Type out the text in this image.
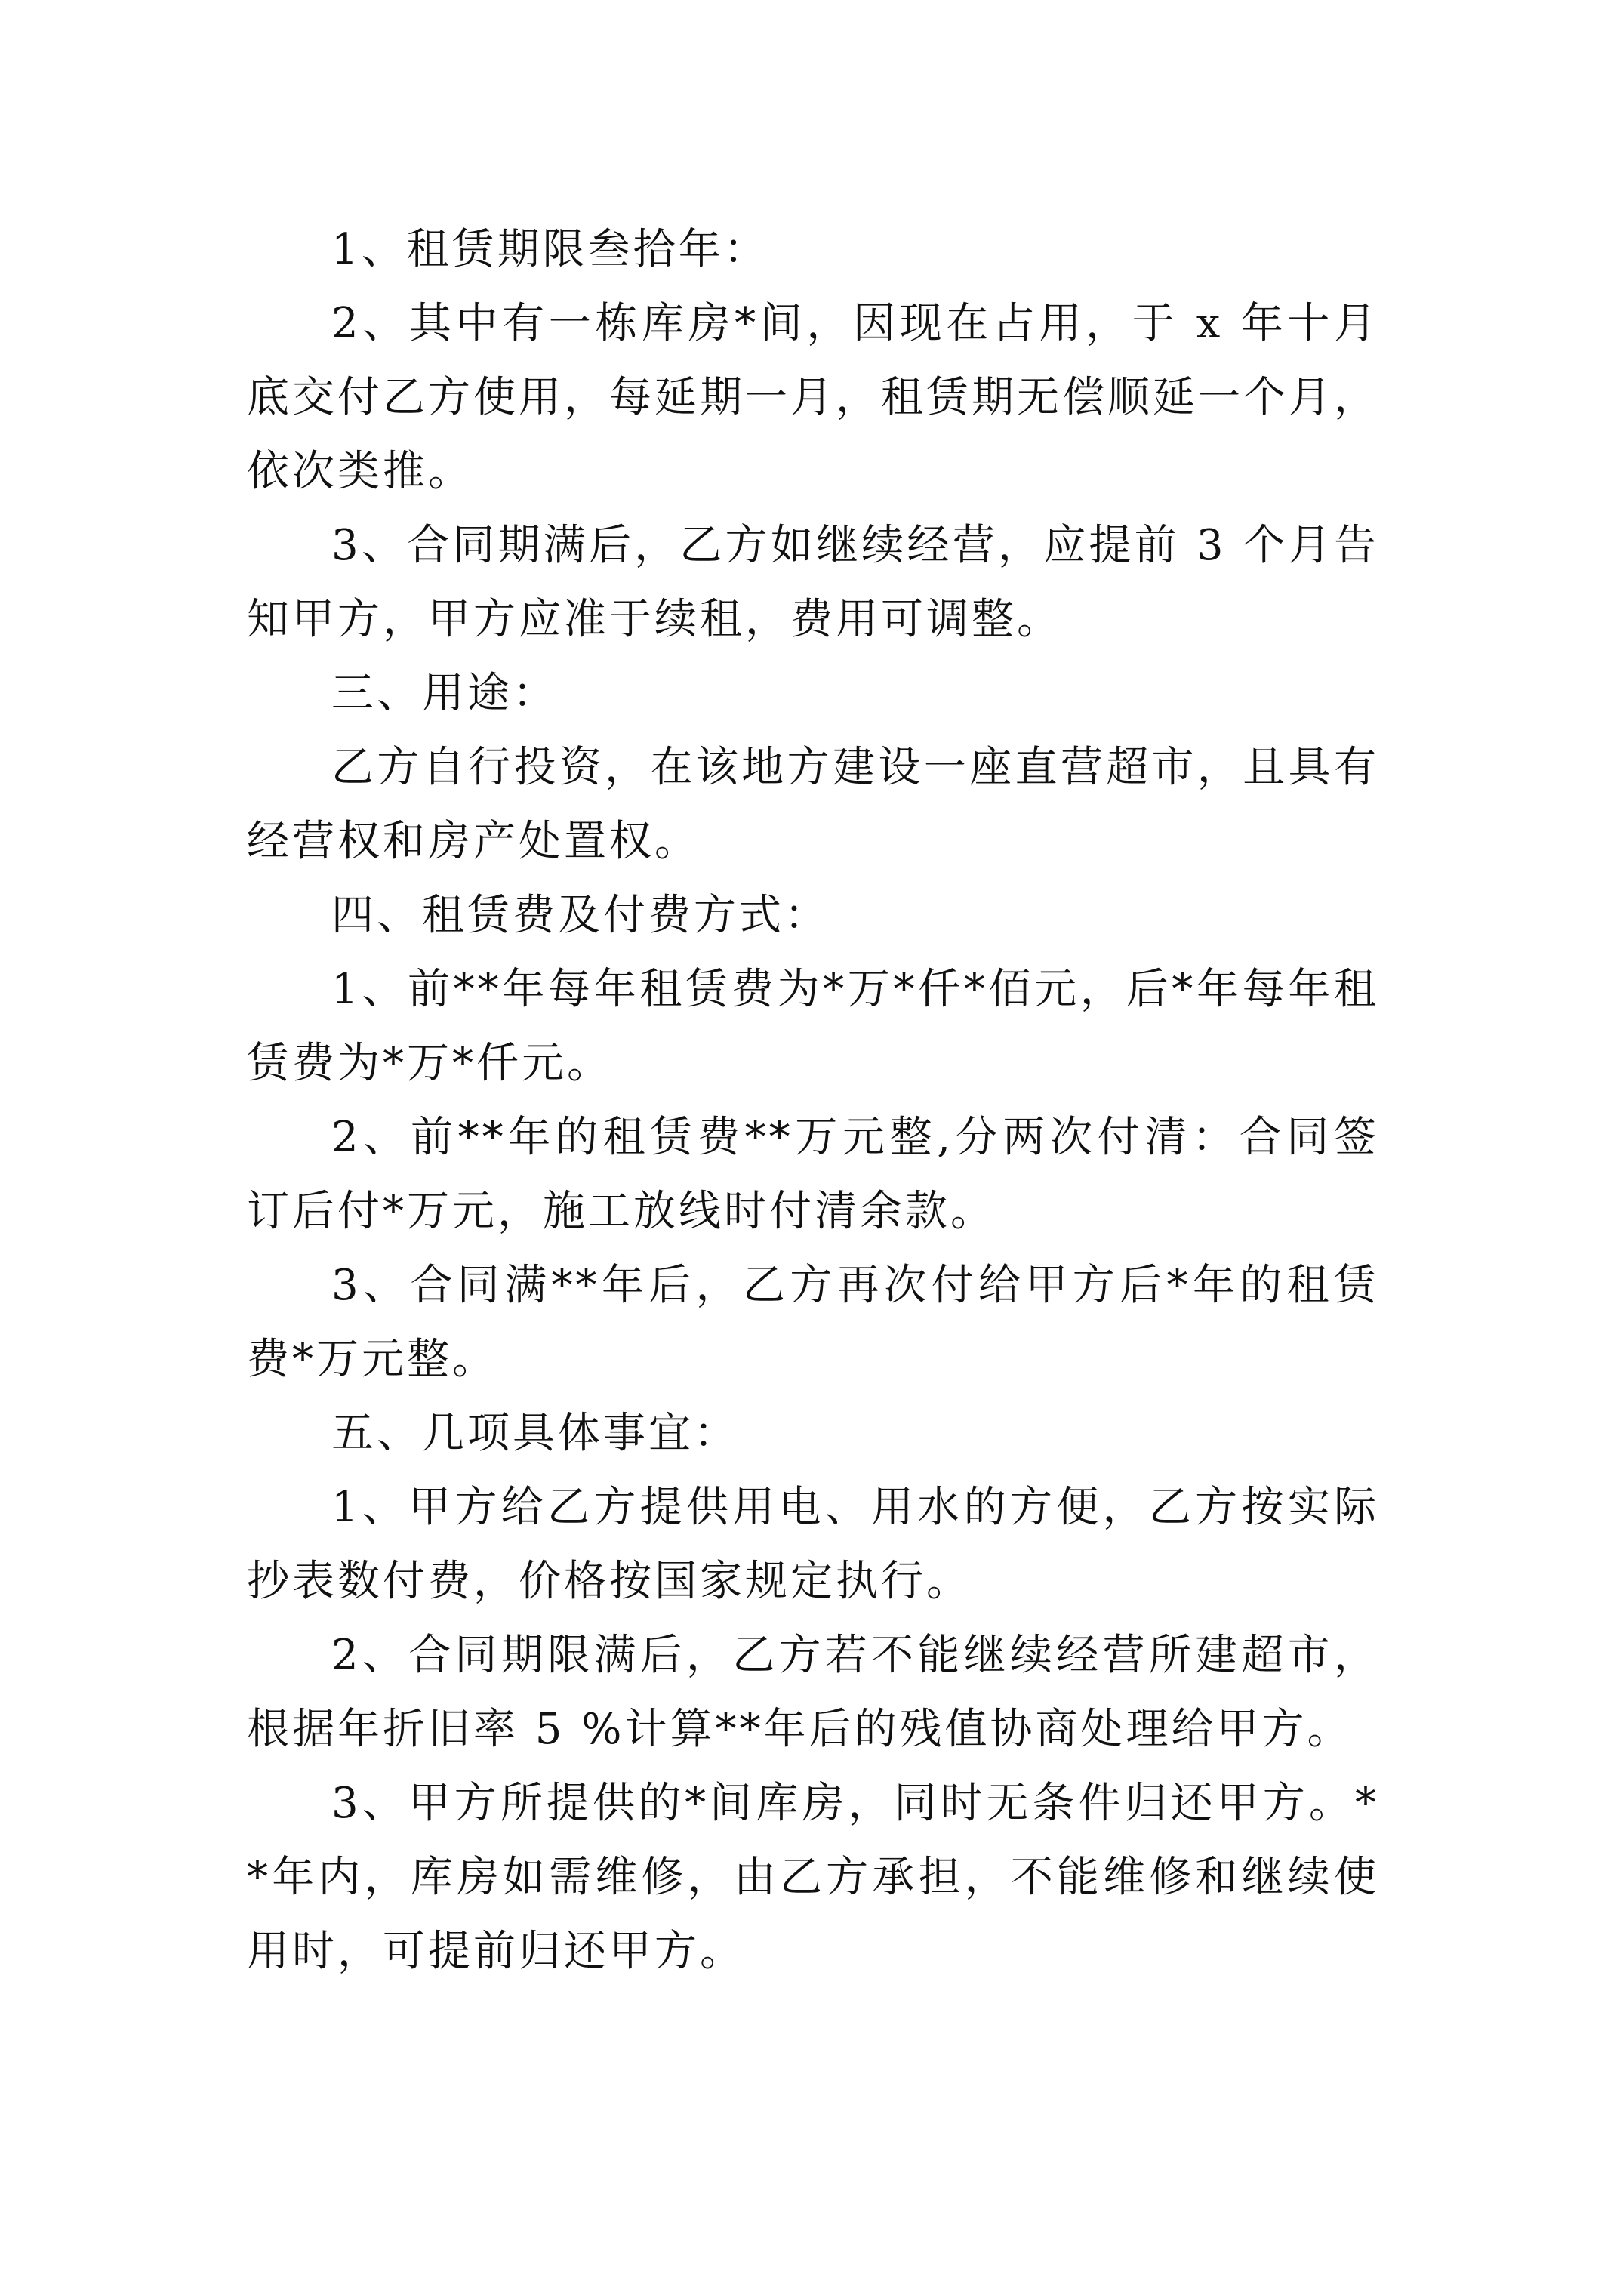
1、租赁期限叁拾年：

2、其中有一栋库房*间，因现在占用，于 x 年十月底交付乙方使用，每延期一月，租赁期无偿顺延一个月，依次类推。

3、合同期满后，乙方如继续经营，应提前 3 个月告知甲方，甲方应准于续租，费用可调整。

三、用途：

乙方自行投资，在该地方建设一座直营超市，且具有经营权和房产处置权。

四、租赁费及付费方式：

1、前**年每年租赁费为*万*仟*佰元，后*年每年租赁费为*万*仟元。

2、前**年的租赁费**万元整,分两次付清：合同签订后付*万元，施工放线时付清余款。

3、合同满**年后，乙方再次付给甲方后*年的租赁费*万元整。

五、几项具体事宜：

1、甲方给乙方提供用电、用水的方便，乙方按实际抄表数付费，价格按国家规定执行。

2、合同期限满后，乙方若不能继续经营所建超市，根据年折旧率 5 %计算**年后的残值协商处理给甲方。

3、甲方所提供的*间库房，同时无条件归还甲方。**年内，库房如需维修，由乙方承担，不能维修和继续使用时，可提前归还甲方。
